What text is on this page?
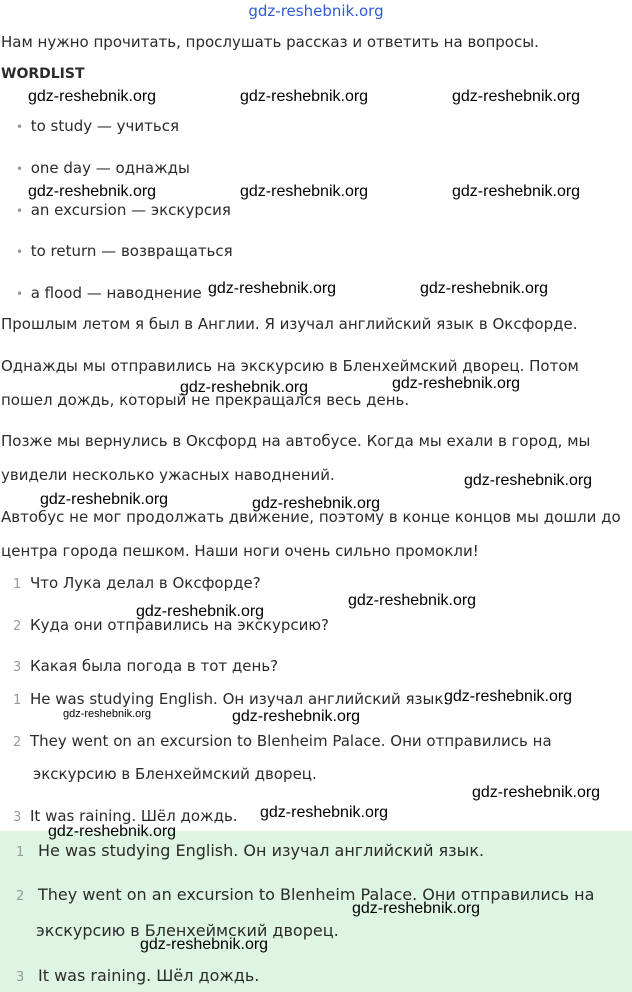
gdz-reshebnik.org
Нам нужно прочитать, прослушать рассказ и ответить на вопросы.
WORDLIST
•  to study — учиться
•  one day — однажды
•  an excursion — экскурсия
•  to return — возвращаться
•  a flood — наводнение
Прошлым летом я был в Англии. Я изучал английский язык в Оксфорде.
Однажды мы отправились на экскурсию в Бленхеймский дворец. Потом пошел дождь, который не прекращался весь день.
Позже мы вернулись в Оксфорд на автобусе. Когда мы ехали в город, мы увидели несколько ужасных наводнений.
Автобус не мог продолжать движение, поэтому в конце концов мы дошли до центра города пешком. Наши ноги очень сильно промокли!
1 Что Лука делал в Оксфорде?
2 Куда они отправились на экскурсию?
3 Какая была погода в тот день?
1 He was studying English. Он изучал английский язык.
2 They went on an excursion to Blenheim Palace. Они отправились на
экскурсию в Бленхеймский дворец.
3 It was raining. Шёл дождь.
1 He was studying English. Он изучал английский язык.
2 They went on an excursion to Blenheim Palace. Они отправились на
экскурсию в Бленхеймский дворец.
3 It was raining. Шёл дождь.
gdz-reshebnik.org	gdz-reshebnik.org	gdz-reshebnik.org
gdz-reshebnik.org	gdz-reshebnik.org	gdz-reshebnik.org
gdz-reshebnik.org	gdz-reshebnik.org
gdz-reshebnik.org	gdz-reshebnik.org
gdz-reshebnik.org
gdz-reshebnik.org	gdz-reshebnik.org
gdz-reshebnik.org
gdz-reshebnik.org
gdz-reshebnik.org
gdz-reshebnik.org	gdz-reshebnik.org
gdz-reshebnik.org
gdz-reshebnik.org
gdz-reshebnik.org
gdz-reshebnik.org
gdz-reshebnik.org
